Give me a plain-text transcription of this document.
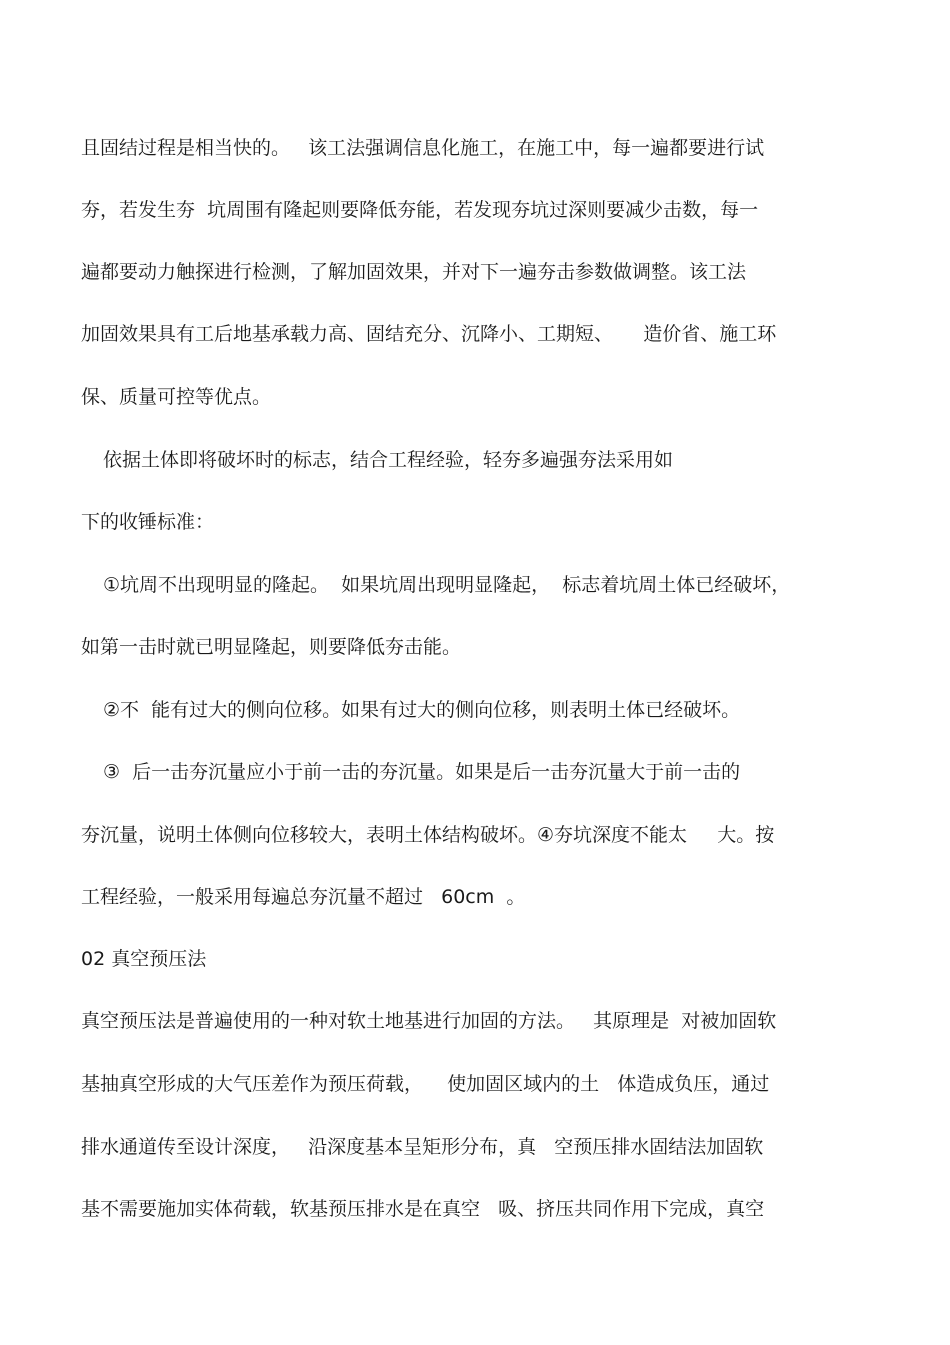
且固结过程是相当快的。   该工法强调信息化施工，在施工中，每一遍都要进行试
夯，若发生夯  坑周围有隆起则要降低夯能，若发现夯坑过深则要减少击数，每一
遍都要动力触探进行检测，了解加固效果，并对下一遍夯击参数做调整。该工法
加固效果具有工后地基承载力高、固结充分、沉降小、工期短、     造价省、施工环
保、质量可控等优点。
依据土体即将破坏时的标志，结合工程经验，轻夯多遍强夯法采用如
下的收锤标准：
①坑周不出现明显的隆起。  如果坑周出现明显隆起，  标志着坑周土体已经破坏，
如第一击时就已明显隆起，则要降低夯击能。
②不  能有过大的侧向位移。如果有过大的侧向位移，则表明土体已经破坏。
③  后一击夯沉量应小于前一击的夯沉量。如果是后一击夯沉量大于前一击的
夯沉量，说明土体侧向位移较大，表明土体结构破坏。④夯坑深度不能太     大。按
工程经验，一般采用每遍总夯沉量不超过   60cm  。
02 真空预压法
真空预压法是普遍使用的一种对软土地基进行加固的方法。   其原理是  对被加固软
基抽真空形成的大气压差作为预压荷载，    使加固区域内的土   体造成负压，通过
排水通道传至设计深度，   沿深度基本呈矩形分布，真   空预压排水固结法加固软
基不需要施加实体荷载，软基预压排水是在真空   吸、挤压共同作用下完成，真空
